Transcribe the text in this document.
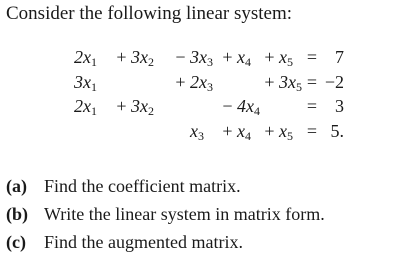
Consider the following linear system:
$2x_1$	+	$3x_2$	−	$3x_3$	+	$x_4$	+	$x_5$	=	7
$3x_1$			+	$2x_3$			+	$3x_5$	=	−2
$2x_1$	+	$3x_2$			−	$4x_4$			=	3
				$x_3$	+	$x_4$	+	$x_5$	=	5.
(a) Find the coefficient matrix.
(b) Write the linear system in matrix form.
(c) Find the augmented matrix.
